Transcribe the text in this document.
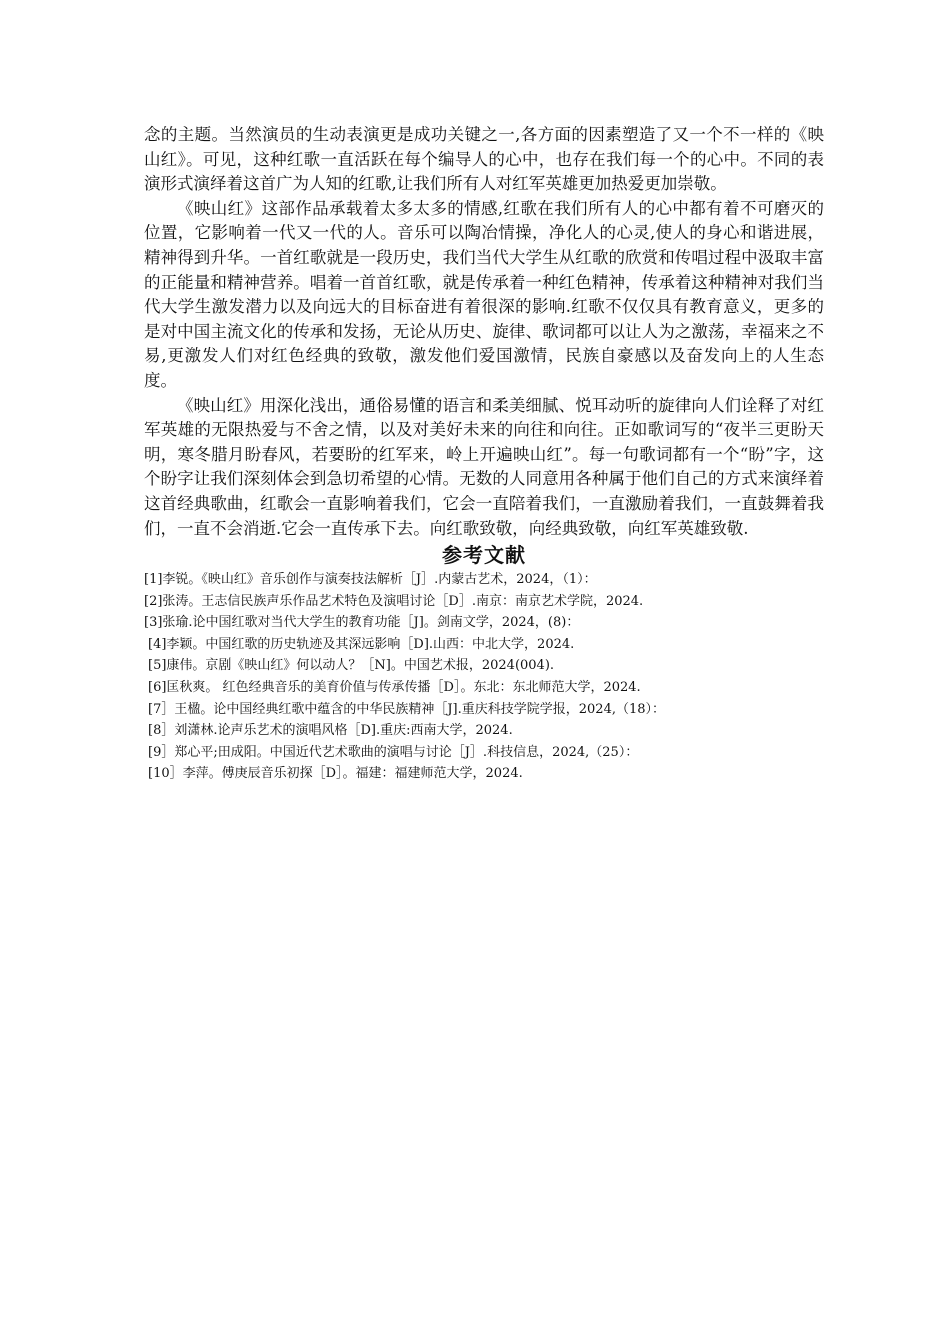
念的主题。当然演员的生动表演更是成功关键之一,各方面的因素塑造了又一个不一样的《映山红》。可见，这种红歌一直活跃在每个编导人的心中，也存在我们每一个的心中。不同的表演形式演绎着这首广为人知的红歌,让我们所有人对红军英雄更加热爱更加崇敬。

《映山红》这部作品承载着太多太多的情感,红歌在我们所有人的心中都有着不可磨灭的位置，它影响着一代又一代的人。音乐可以陶冶情操，净化人的心灵,使人的身心和谐进展，精神得到升华。一首红歌就是一段历史，我们当代大学生从红歌的欣赏和传唱过程中汲取丰富的正能量和精神营养。唱着一首首红歌，就是传承着一种红色精神，传承着这种精神对我们当代大学生激发潜力以及向远大的目标奋进有着很深的影响.红歌不仅仅具有教育意义，更多的是对中国主流文化的传承和发扬，无论从历史、旋律、歌词都可以让人为之激荡，幸福来之不易,更激发人们对红色经典的致敬，激发他们爱国激情，民族自豪感以及奋发向上的人生态度。

《映山红》用深化浅出，通俗易懂的语言和柔美细腻、悦耳动听的旋律向人们诠释了对红军英雄的无限热爱与不舍之情，以及对美好未来的向往和向往。正如歌词写的“夜半三更盼天明，寒冬腊月盼春风，若要盼的红军来，岭上开遍映山红”。每一句歌词都有一个“盼”字，这个盼字让我们深刻体会到急切希望的心情。无数的人同意用各种属于他们自己的方式来演绎着这首经典歌曲，红歌会一直影响着我们，它会一直陪着我们，一直激励着我们，一直鼓舞着我们，一直不会消逝.它会一直传承下去。向红歌致敬，向经典致敬，向红军英雄致敬.

参考文献
[1]李锐。《映山红》音乐创作与演奏技法解析［J］.内蒙古艺术，2024，（1）：
[2]张涛。王志信民族声乐作品艺术特色及演唱讨论［D］.南京：南京艺术学院，2024.
[3]张瑜.论中国红歌对当代大学生的教育功能［J]。剑南文学，2024，(8)：
[4]李颖。中国红歌的历史轨迹及其深远影响［D].山西：中北大学，2024.
[5]康伟。京剧《映山红》何以动人？［N]。中国艺术报，2024(004).
[6]匡秋爽。 红色经典音乐的美育价值与传承传播［D］。东北：东北师范大学，2024.
[7］王楹。论中国经典红歌中蕴含的中华民族精神［J].重庆科技学院学报，2024,（18）：
[8］刘潇林.论声乐艺术的演唱风格［D].重庆:西南大学，2024.
[9］郑心平;田成阳。中国近代艺术歌曲的演唱与讨论［J］.科技信息，2024,（25）：
[10］李萍。傅庚辰音乐初探［D］。福建：福建师范大学，2024.
